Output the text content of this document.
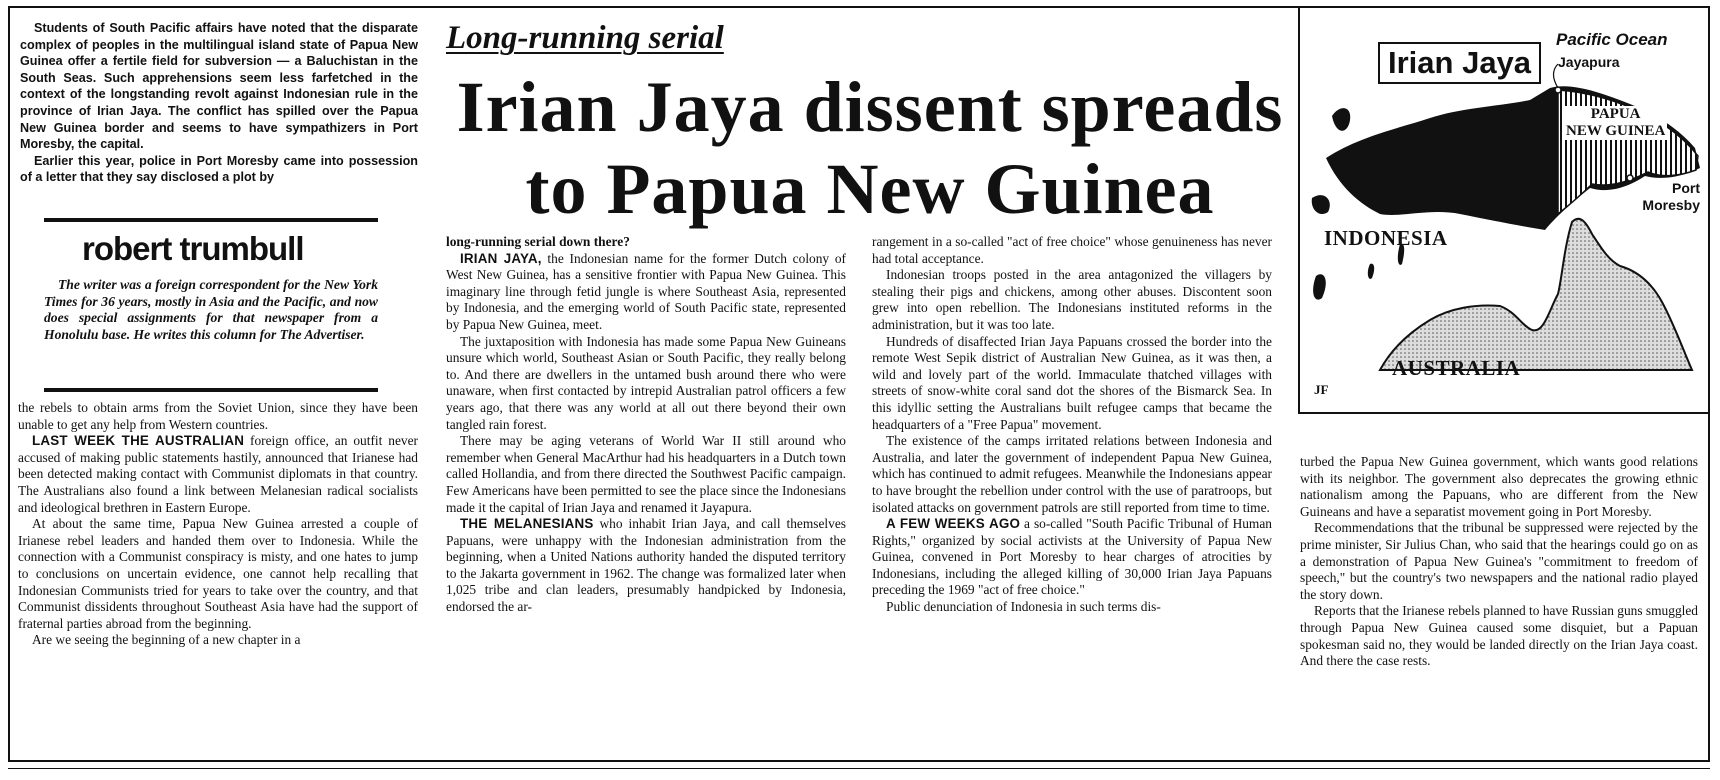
Students of South Pacific affairs have noted that the disparate complex of peoples in the multilingual island state of Papua New Guinea offer a fertile field for subversion — a Baluchistan in the South Seas. Such apprehensions seem less farfetched in the context of the longstanding revolt against Indonesian rule in the province of Irian Jaya. The conflict has spilled over the Papua New Guinea border and seems to have sympathizers in Port Moresby, the capital.

Earlier this year, police in Port Moresby came into possession of a letter that they say disclosed a plot by

robert trumbull

The writer was a foreign correspondent for the New York Times for 36 years, mostly in Asia and the Pacific, and now does special assignments for that newspaper from a Honolulu base. He writes this column for The Advertiser.

the rebels to obtain arms from the Soviet Union, since they have been unable to get any help from Western countries.

LAST WEEK THE AUSTRALIAN foreign office, an outfit never accused of making public statements hastily, announced that Irianese had been detected making contact with Communist diplomats in that country. The Australians also found a link between Melanesian radical socialists and ideological brethren in Eastern Europe.

At about the same time, Papua New Guinea arrested a couple of Irianese rebel leaders and handed them over to Indonesia. While the connection with a Communist conspiracy is misty, and one hates to jump to conclusions on uncertain evidence, one cannot help recalling that Indonesian Communists tried for years to take over the country, and that Communist dissidents throughout Southeast Asia have had the support of fraternal parties abroad from the beginning.

Are we seeing the beginning of a new chapter in a

Long-running serial
Irian Jaya dissent spreads
to Papua New Guinea

long-running serial down there?

IRIAN JAYA, the Indonesian name for the former Dutch colony of West New Guinea, has a sensitive frontier with Papua New Guinea. This imaginary line through fetid jungle is where Southeast Asia, represented by Indonesia, and the emerging world of South Pacific state, represented by Papua New Guinea, meet.

The juxtaposition with Indonesia has made some Papua New Guineans unsure which world, Southeast Asian or South Pacific, they really belong to. And there are dwellers in the untamed bush around there who were unaware, when first contacted by intrepid Australian patrol officers a few years ago, that there was any world at all out there beyond their own tangled rain forest.

There may be aging veterans of World War II still around who remember when General MacArthur had his headquarters in a Dutch town called Hollandia, and from there directed the Southwest Pacific campaign. Few Americans have been permitted to see the place since the Indonesians made it the capital of Irian Jaya and renamed it Jayapura.

THE MELANESIANS who inhabit Irian Jaya, and call themselves Papuans, were unhappy with the Indonesian administration from the beginning, when a United Nations authority handed the disputed territory to the Jakarta government in 1962. The change was formalized later when 1,025 tribe and clan leaders, presumably handpicked by Indonesia, endorsed the ar-

rangement in a so-called "act of free choice" whose genuineness has never had total acceptance.

Indonesian troops posted in the area antagonized the villagers by stealing their pigs and chickens, among other abuses. Discontent soon grew into open rebellion. The Indonesians instituted reforms in the administration, but it was too late.

Hundreds of disaffected Irian Jaya Papuans crossed the border into the remote West Sepik district of Australian New Guinea, as it was then, a wild and lovely part of the world. Immaculate thatched villages with streets of snow-white coral sand dot the shores of the Bismarck Sea. In this idyllic setting the Australians built refugee camps that became the headquarters of a "Free Papua" movement.

The existence of the camps irritated relations between Indonesia and Australia, and later the government of independent Papua New Guinea, which has continued to admit refugees. Meanwhile the Indonesians appear to have brought the rebellion under control with the use of paratroops, but isolated attacks on government patrols are still reported from time to time.

A FEW WEEKS AGO a so-called "South Pacific Tribunal of Human Rights," organized by social activists at the University of Papua New Guinea, convened in Port Moresby to hear charges of atrocities by Indonesians, including the alleged killing of 30,000 Irian Jaya Papuans preceding the 1969 "act of free choice."

Public denunciation of Indonesia in such terms dis-

Irian Jaya
Pacific Ocean
Jayapura
PAPUA
NEW GUINEA
Port
Moresby
INDONESIA
AUSTRALIA
JF

turbed the Papua New Guinea government, which wants good relations with its neighbor. The government also deprecates the growing ethnic nationalism among the Papuans, who are different from the New Guineans and have a separatist movement going in Port Moresby.

Recommendations that the tribunal be suppressed were rejected by the prime minister, Sir Julius Chan, who said that the hearings could go on as a demonstration of Papua New Guinea's "commitment to freedom of speech," but the country's two newspapers and the national radio played the story down.

Reports that the Irianese rebels planned to have Russian guns smuggled through Papua New Guinea caused some disquiet, but a Papuan spokesman said no, they would be landed directly on the Irian Jaya coast. And there the case rests.
